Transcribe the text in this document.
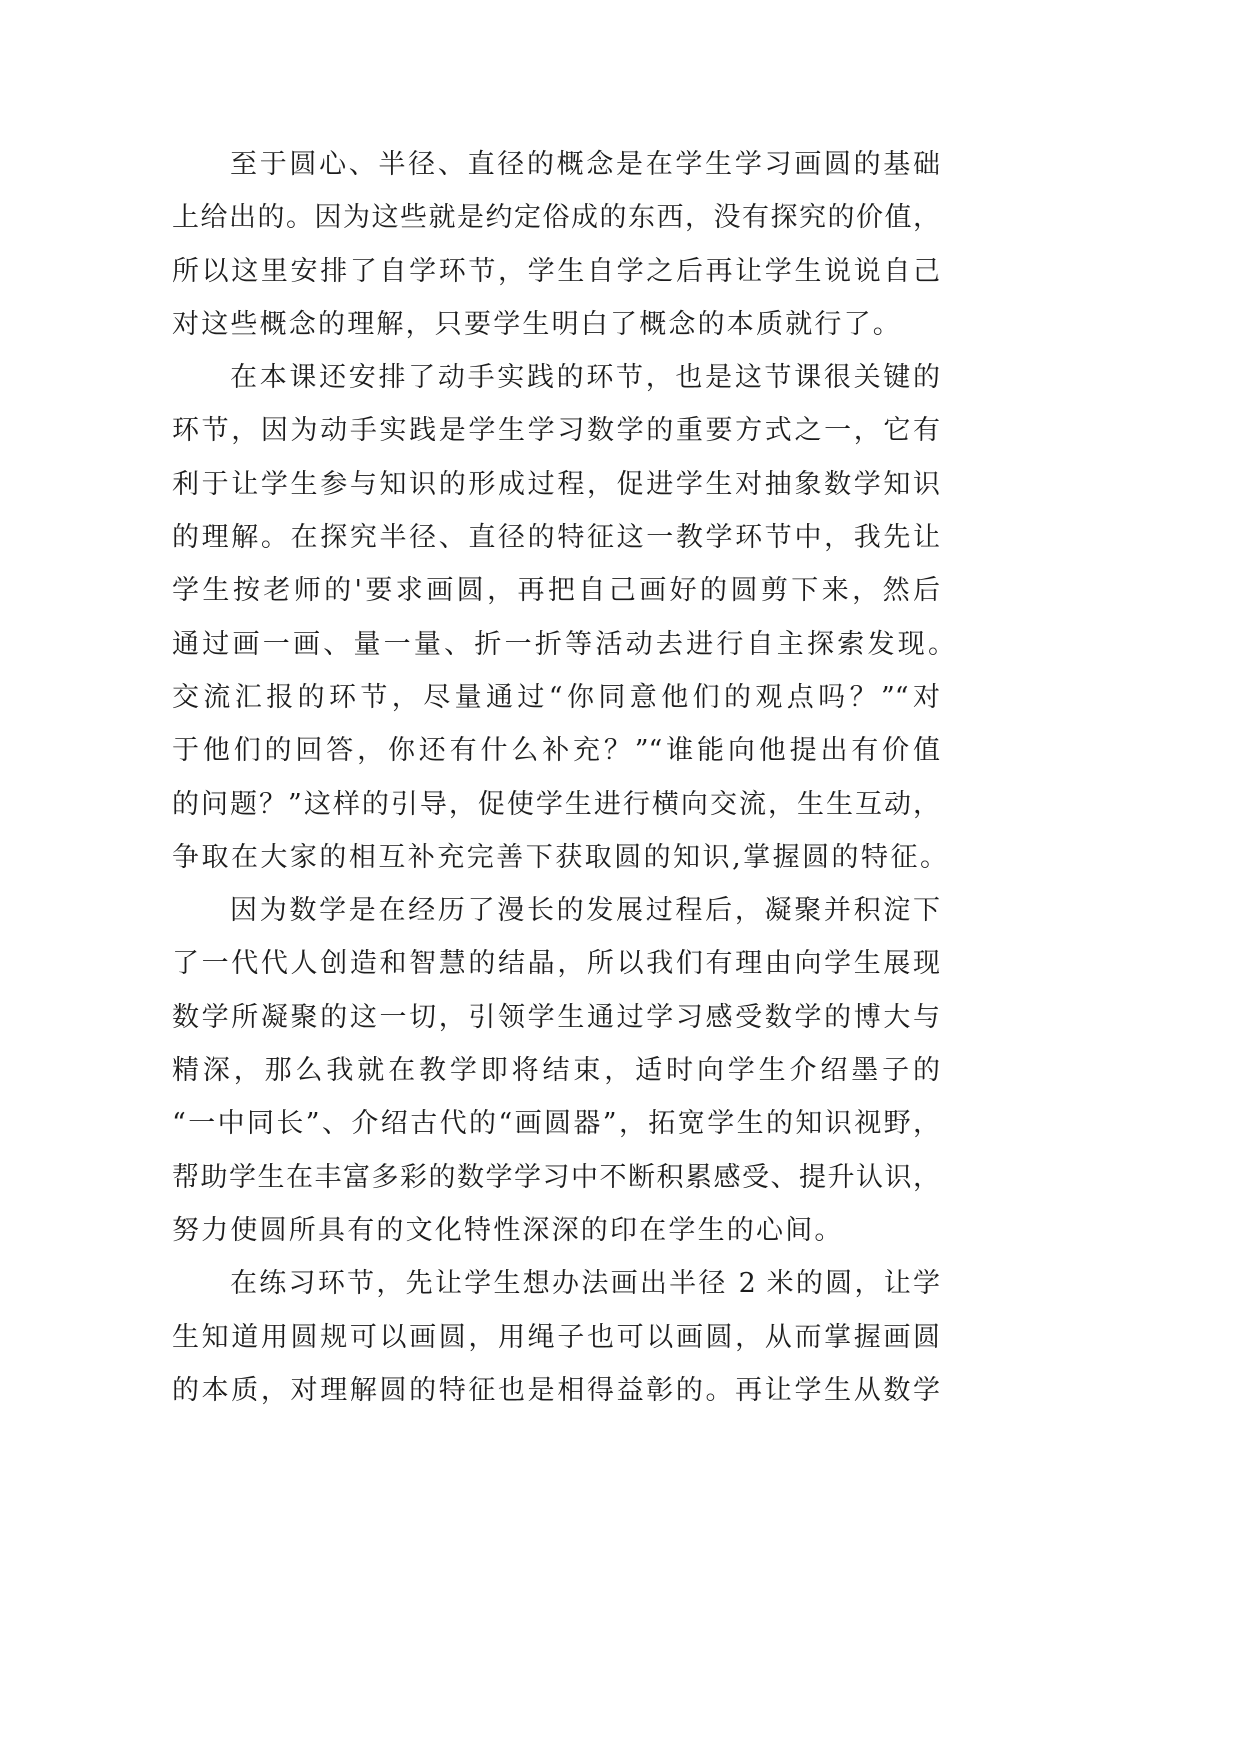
至于圆心、半径、直径的概念是在学生学习画圆的基础
上给出的。因为这些就是约定俗成的东西，没有探究的价值，
所以这里安排了自学环节，学生自学之后再让学生说说自己
对这些概念的理解，只要学生明白了概念的本质就行了。
在本课还安排了动手实践的环节，也是这节课很关键的
环节，因为动手实践是学生学习数学的重要方式之一，它有
利于让学生参与知识的形成过程，促进学生对抽象数学知识
的理解。在探究半径、直径的特征这一教学环节中，我先让
学生按老师的'要求画圆，再把自己画好的圆剪下来，然后
通过画一画、量一量、折一折等活动去进行自主探索发现。
交流汇报的环节，尽量通过“你同意他们的观点吗？”“对
于他们的回答，你还有什么补充？”“谁能向他提出有价值
的问题？”这样的引导，促使学生进行横向交流，生生互动，
争取在大家的相互补充完善下获取圆的知识,掌握圆的特征。
因为数学是在经历了漫长的发展过程后，凝聚并积淀下
了一代代人创造和智慧的结晶，所以我们有理由向学生展现
数学所凝聚的这一切，引领学生通过学习感受数学的博大与
精深，那么我就在教学即将结束，适时向学生介绍墨子的
“一中同长”、介绍古代的“画圆器”，拓宽学生的知识视野，
帮助学生在丰富多彩的数学学习中不断积累感受、提升认识，
努力使圆所具有的文化特性深深的印在学生的心间。
在练习环节，先让学生想办法画出半径 2 米的圆，让学
生知道用圆规可以画圆，用绳子也可以画圆，从而掌握画圆
的本质，对理解圆的特征也是相得益彰的。再让学生从数学
